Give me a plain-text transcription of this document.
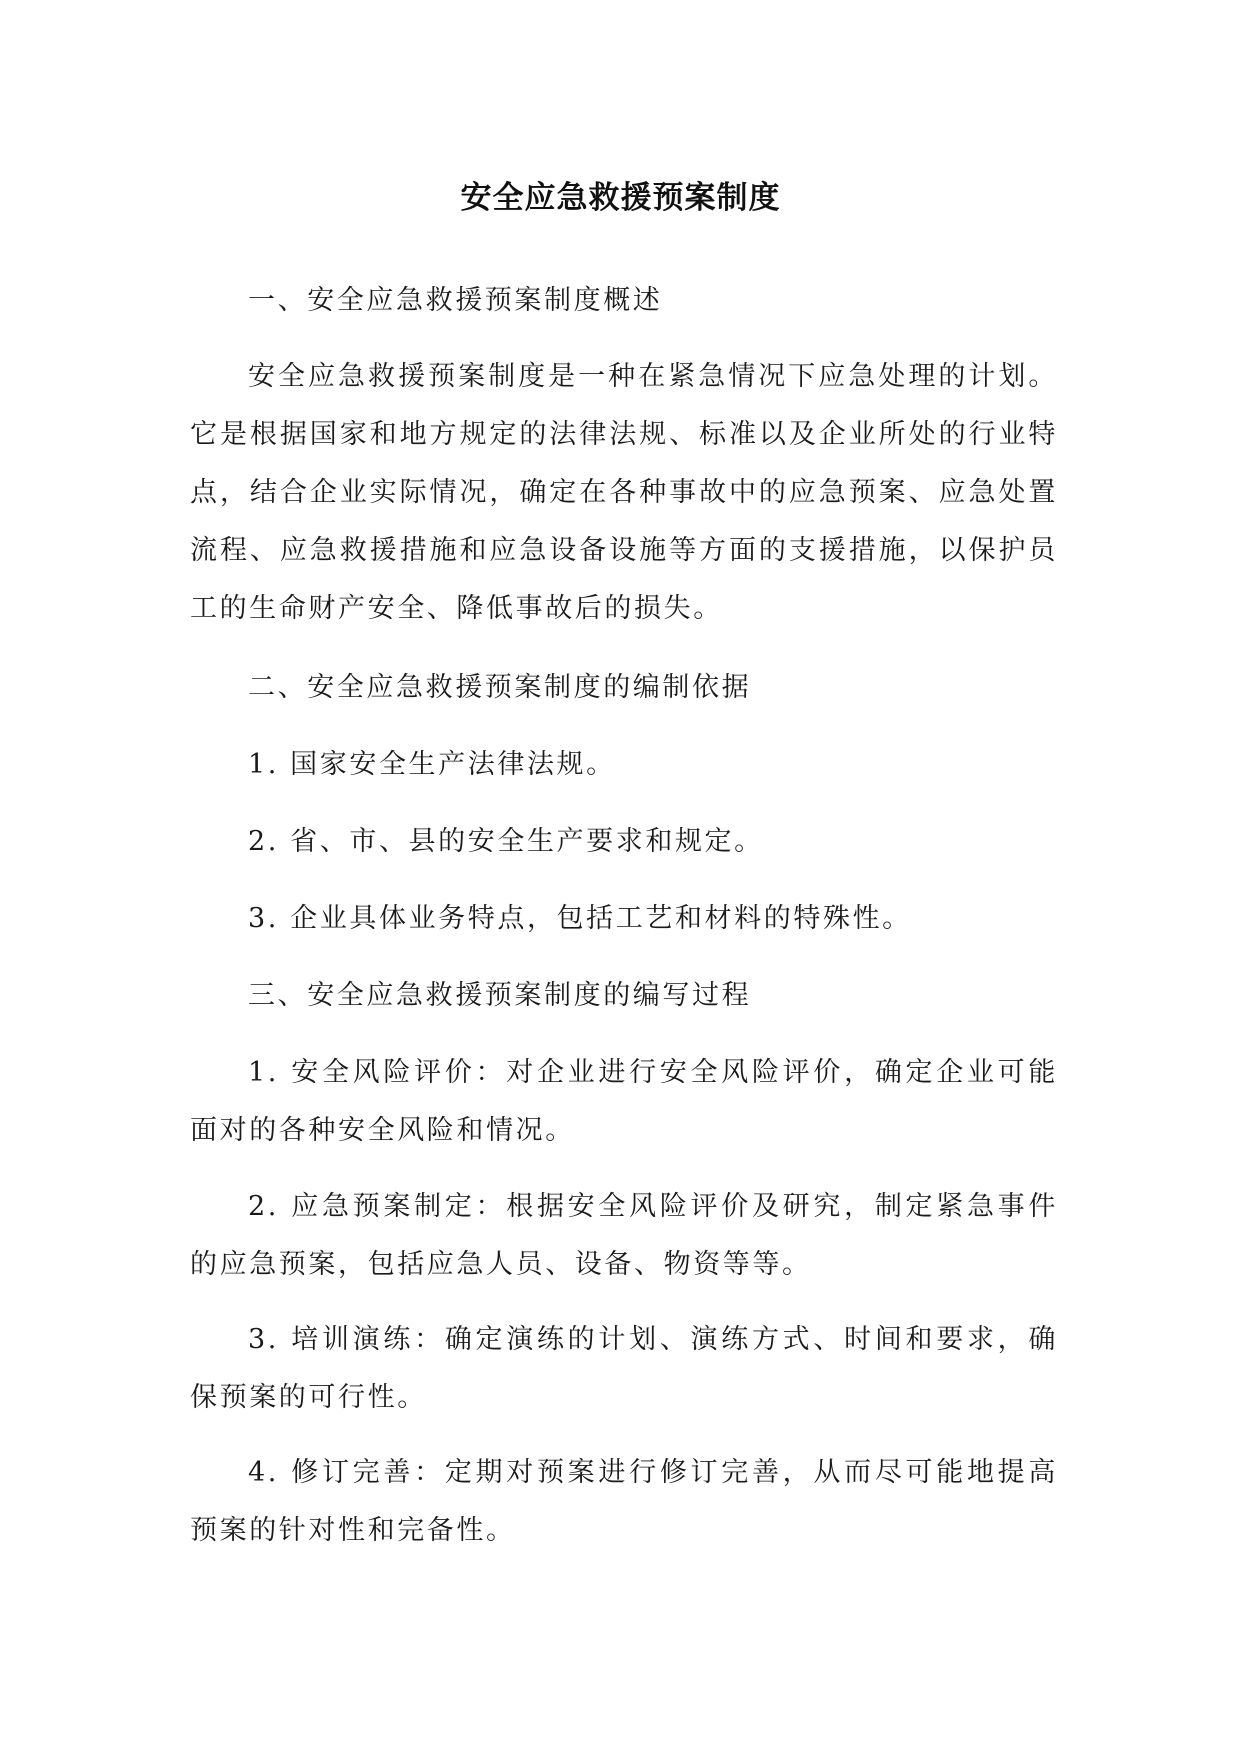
安全应急救援预案制度

一、安全应急救援预案制度概述

安全应急救援预案制度是一种在紧急情况下应急处理的计划。它是根据国家和地方规定的法律法规、标准以及企业所处的行业特点，结合企业实际情况，确定在各种事故中的应急预案、应急处置流程、应急救援措施和应急设备设施等方面的支援措施，以保护员工的生命财产安全、降低事故后的损失。

二、安全应急救援预案制度的编制依据

1. 国家安全生产法律法规。

2. 省、市、县的安全生产要求和规定。

3. 企业具体业务特点，包括工艺和材料的特殊性。

三、安全应急救援预案制度的编写过程

1. 安全风险评价：对企业进行安全风险评价，确定企业可能面对的各种安全风险和情况。

2. 应急预案制定：根据安全风险评价及研究，制定紧急事件的应急预案，包括应急人员、设备、物资等等。

3. 培训演练：确定演练的计划、演练方式、时间和要求，确保预案的可行性。

4. 修订完善：定期对预案进行修订完善，从而尽可能地提高预案的针对性和完备性。
